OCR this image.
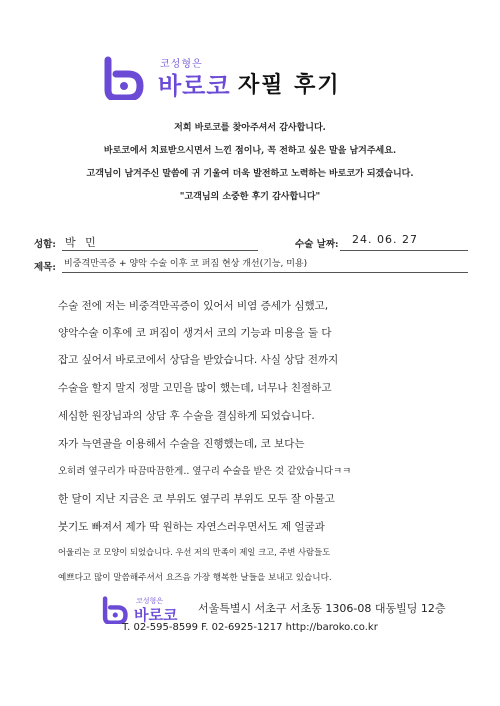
코성형은
바로코 자필 후기

저희 바로코를 찾아주셔서 감사합니다.

바로코에서 치료받으시면서 느낀 점이나, 꼭 전하고 싶은 말을 남겨주세요.

고객님이 남겨주신 말씀에 귀 기울여 더욱 발전하고 노력하는 바로코가 되겠습니다.

"고객님의 소중한 후기 감사합니다"

성함: 박 민	수술 날짜: 24. 06. 27
제목: 비중격만곡증 + 양악 수술 이후 코 퍼짐 현상 개선(기능, 미용)
수술 전에 저는 비중격만곡증이 있어서 비염 증세가 심했고,
양악수술 이후에 코 퍼짐이 생겨서 코의 기능과 미용을 둘 다
잡고 싶어서 바로코에서 상담을 받았습니다. 사실 상담 전까지
수술을 할지 말지 정말 고민을 많이 했는데, 너무나 친절하고
세심한 원장님과의 상담 후 수술을 결심하게 되었습니다.
자가 늑연골을 이용해서 수술을 진행했는데, 코 보다는
오히려 옆구리가 따끔따끔한게.. 옆구리 수술을 받은 것 같았습니다ㅋㅋ
한 달이 지난 지금은 코 부위도 옆구리 부위도 모두 잘 아물고
붓기도 빠져서 제가 딱 원하는 자연스러우면서도 제 얼굴과
어울리는 코 모양이 되었습니다. 우선 저의 만족이 제일 크고, 주변 사람들도
예쁘다고 많이 말씀해주셔서 요즈음 가장 행복한 날들을 보내고 있습니다.
코성형은
바로코 서울특별시 서초구 서초동 1306-08 대동빌딩 12층
T. 02-595-8599 F. 02-6925-1217 http://baroko.co.kr
